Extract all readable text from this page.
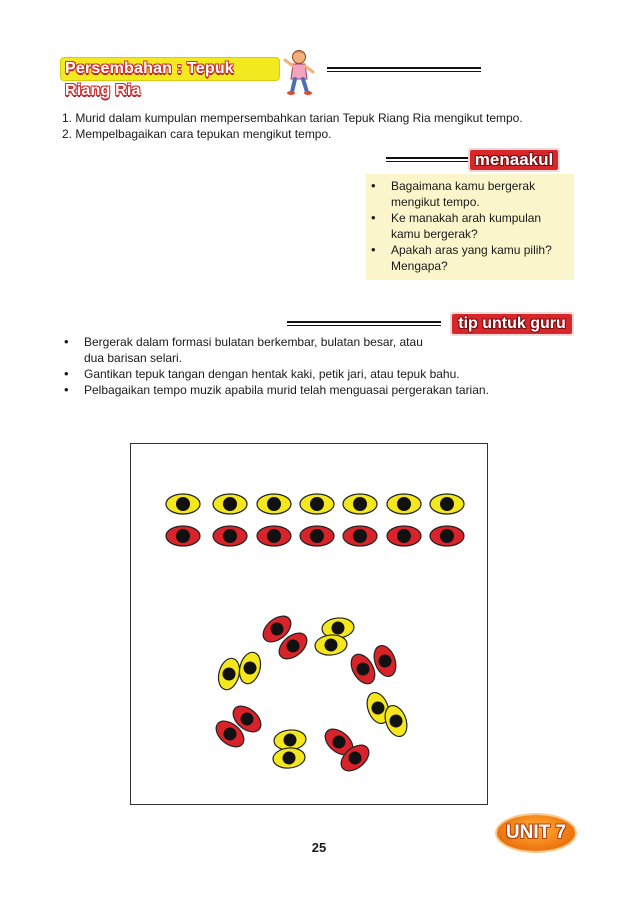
Persembahan : Tepuk Riang Ria
1. Murid dalam kumpulan mempersembahkan tarian Tepuk Riang Ria mengikut tempo.
2. Mempelbagaikan cara tepukan mengikut tempo.
menaakul
• Bagaimana kamu bergerak mengikut tempo.
• Ke manakah arah kumpulan kamu bergerak?
• Apakah aras yang kamu pilih? Mengapa?
tip untuk guru
• Bergerak dalam formasi bulatan berkembar, bulatan besar, atau dua barisan selari.
• Gantikan tepuk tangan dengan hentak kaki, petik jari, atau tepuk bahu.
• Pelbagaikan tempo muzik apabila murid telah menguasai pergerakan tarian.
25
UNIT 7
